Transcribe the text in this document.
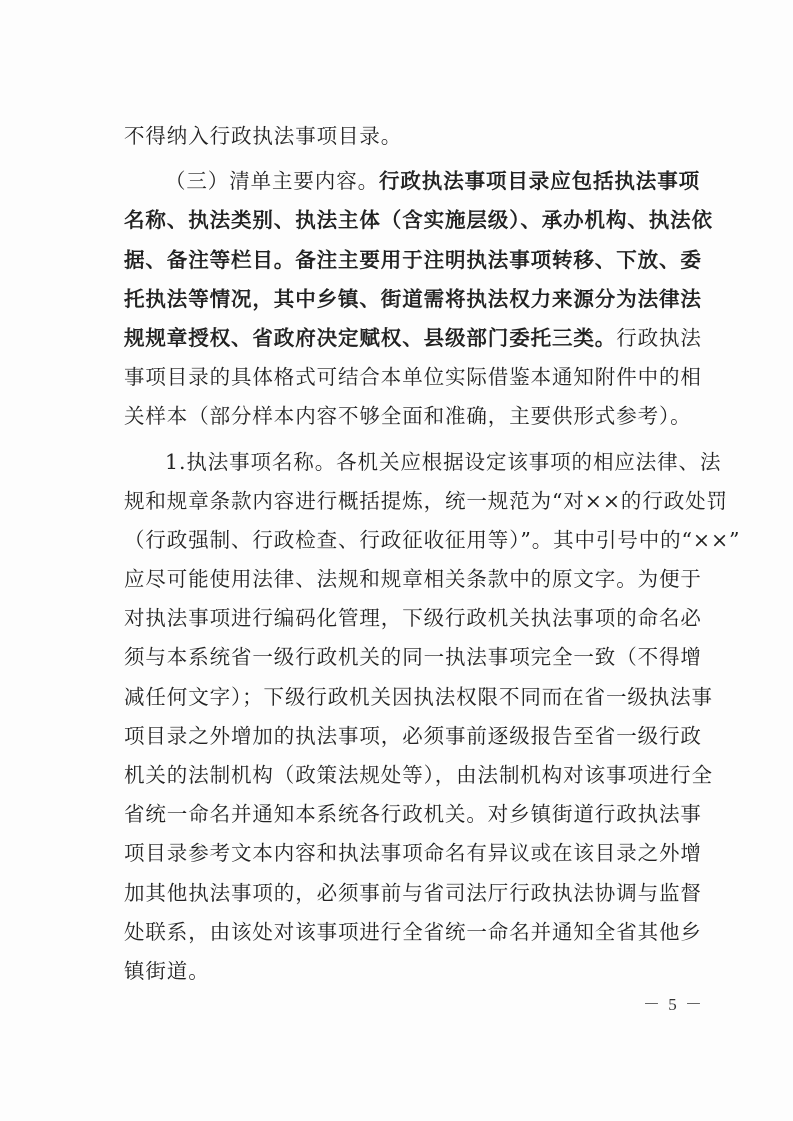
不得纳入行政执法事项目录。
（三）清单主要内容。行政执法事项目录应包括执法事项
名称、执法类别、执法主体（含实施层级）、承办机构、执法依
据、备注等栏目。备注主要用于注明执法事项转移、下放、委
托执法等情况，其中乡镇、街道需将执法权力来源分为法律法
规规章授权、省政府决定赋权、县级部门委托三类。行政执法
事项目录的具体格式可结合本单位实际借鉴本通知附件中的相
关样本（部分样本内容不够全面和准确，主要供形式参考）。
1.执法事项名称。各机关应根据设定该事项的相应法律、法
规和规章条款内容进行概括提炼，统一规范为“对××的行政处罚
（行政强制、行政检查、行政征收征用等）”。其中引号中的“××”
应尽可能使用法律、法规和规章相关条款中的原文字。为便于
对执法事项进行编码化管理，下级行政机关执法事项的命名必
须与本系统省一级行政机关的同一执法事项完全一致（不得增
减任何文字）；下级行政机关因执法权限不同而在省一级执法事
项目录之外增加的执法事项，必须事前逐级报告至省一级行政
机关的法制机构（政策法规处等），由法制机构对该事项进行全
省统一命名并通知本系统各行政机关。对乡镇街道行政执法事
项目录参考文本内容和执法事项命名有异议或在该目录之外增
加其他执法事项的，必须事前与省司法厅行政执法协调与监督
处联系，由该处对该事项进行全省统一命名并通知全省其他乡
镇街道。
－ 5 －
